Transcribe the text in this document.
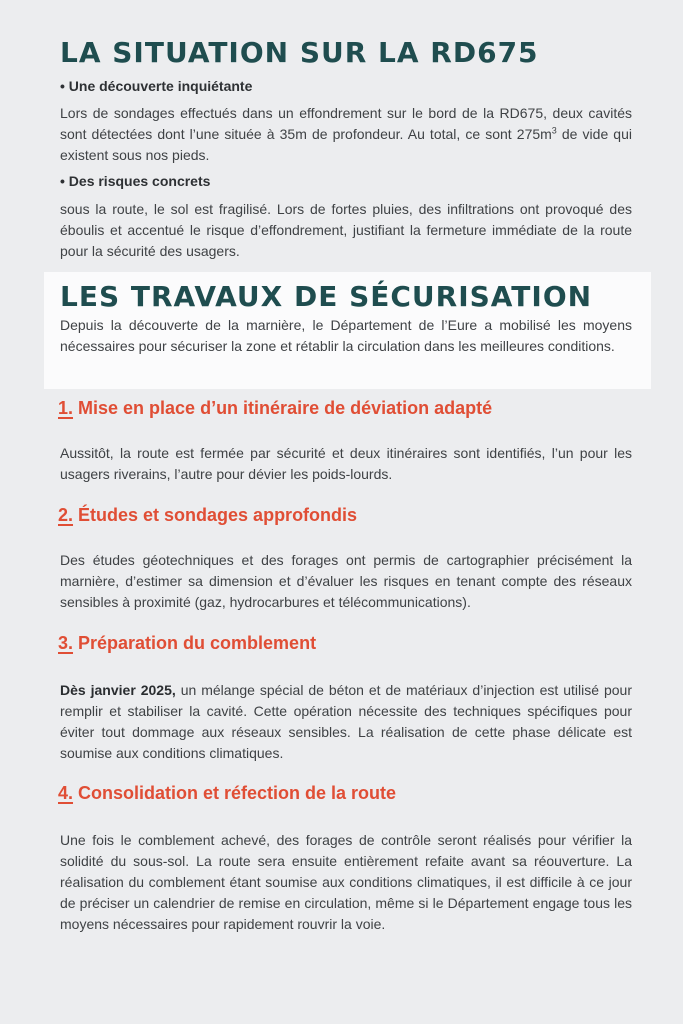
LA SITUATION SUR LA RD675

• Une découverte inquiétante

Lors de sondages effectués dans un effondrement sur le bord de la RD675, deux cavités sont détectées dont l’une située à 35m de profondeur. Au total, ce sont $275m^3$ de vide qui existent sous nos pieds.

• Des risques concrets

sous la route, le sol est fragilisé. Lors de fortes pluies, des infiltrations ont provoqué des éboulis et accentué le risque d’effondrement, justifiant la fermeture immédiate de la route pour la sécurité des usagers.

LES TRAVAUX DE SÉCURISATION

Depuis la découverte de la marnière, le Département de l’Eure a mobilisé les moyens nécessaires pour sécuriser la zone et rétablir la circulation dans les meilleures conditions.

1. Mise en place d’un itinéraire de déviation adapté

Aussitôt, la route est fermée par sécurité et deux itinéraires sont identifiés, l’un pour les usagers riverains, l’autre pour dévier les poids-lourds.

2. Études et sondages approfondis

Des études géotechniques et des forages ont permis de cartographier précisément la marnière, d’estimer sa dimension et d’évaluer les risques en tenant compte des réseaux sensibles à proximité (gaz, hydrocarbures et télécommunications).

3. Préparation du comblement

Dès janvier 2025, un mélange spécial de béton et de matériaux d’injection est utilisé pour remplir et stabiliser la cavité. Cette opération nécessite des techniques spécifiques pour éviter tout dommage aux réseaux sensibles. La réalisation de cette phase délicate est soumise aux conditions climatiques.

4. Consolidation et réfection de la route

Une fois le comblement achevé, des forages de contrôle seront réalisés pour vérifier la solidité du sous-sol. La route sera ensuite entièrement refaite avant sa réouverture. La réalisation du comblement étant soumise aux conditions climatiques, il est difficile à ce jour de préciser un calendrier de remise en circulation, même si le Département engage tous les moyens nécessaires pour rapidement rouvrir la voie.
